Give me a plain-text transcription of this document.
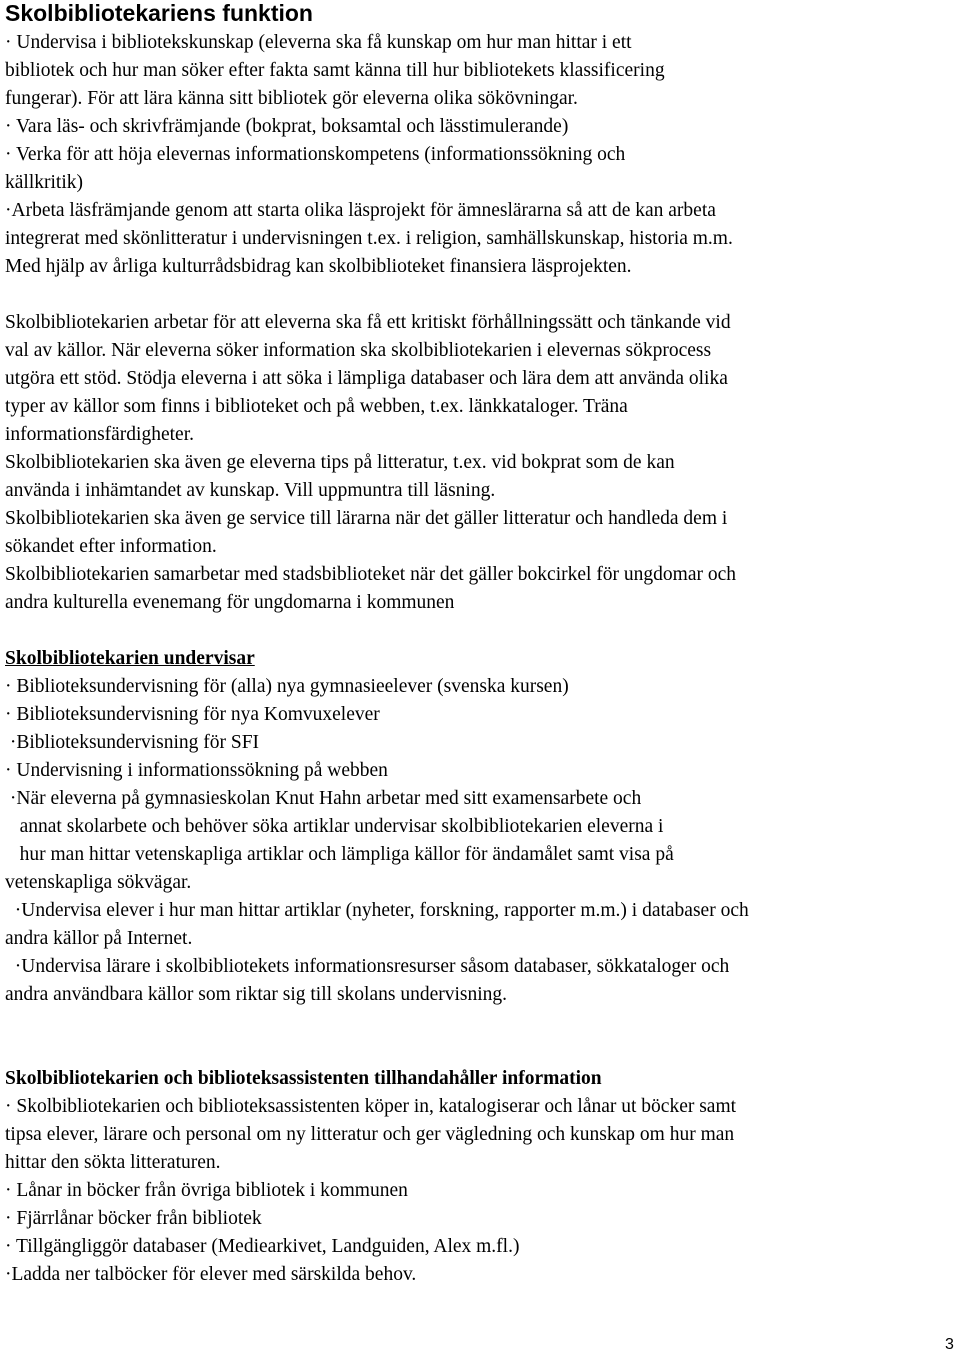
Skolbibliotekariens funktion
· Undervisa i bibliotekskunskap (eleverna ska få kunskap om hur man hittar i ett
bibliotek och hur man söker efter fakta samt känna till hur bibliotekets klassificering
fungerar). För att lära känna sitt bibliotek gör eleverna olika sökövningar.
· Vara läs- och skrivfrämjande (bokprat, boksamtal och lässtimulerande)
· Verka för att höja elevernas informationskompetens (informationssökning och
källkritik)
·Arbeta läsfrämjande genom att starta olika läsprojekt för ämneslärarna så att de kan arbeta
integrerat med skönlitteratur i undervisningen t.ex. i religion, samhällskunskap, historia m.m.
Med hjälp av årliga kulturrådsbidrag kan skolbiblioteket finansiera läsprojekten.
Skolbibliotekarien arbetar för att eleverna ska få ett kritiskt förhållningssätt och tänkande vid
val av källor. När eleverna söker information ska skolbibliotekarien i elevernas sökprocess
utgöra ett stöd. Stödja eleverna i att söka i lämpliga databaser och lära dem att använda olika
typer av källor som finns i biblioteket och på webben, t.ex. länkkataloger. Träna
informationsfärdigheter.
Skolbibliotekarien ska även ge eleverna tips på litteratur, t.ex. vid bokprat som de kan
använda i inhämtandet av kunskap. Vill uppmuntra till läsning.
Skolbibliotekarien ska även ge service till lärarna när det gäller litteratur och handleda dem i
sökandet efter information.
Skolbibliotekarien samarbetar med stadsbiblioteket när det gäller bokcirkel för ungdomar och
andra kulturella evenemang för ungdomarna i kommunen
Skolbibliotekarien undervisar
· Biblioteksundervisning för (alla) nya gymnasieelever (svenska kursen)
· Biblioteksundervisning för nya Komvuxelever
·Biblioteksundervisning för SFI
· Undervisning i informationssökning på webben
·När eleverna på gymnasieskolan Knut Hahn arbetar med sitt examensarbete och
annat skolarbete och behöver söka artiklar undervisar skolbibliotekarien eleverna i
hur man hittar vetenskapliga artiklar och lämpliga källor för ändamålet samt visa på
vetenskapliga sökvägar.
·Undervisa elever i hur man hittar artiklar (nyheter, forskning, rapporter m.m.) i databaser och
andra källor på Internet.
·Undervisa lärare i skolbibliotekets informationsresurser såsom databaser, sökkataloger och
andra användbara källor som riktar sig till skolans undervisning.
Skolbibliotekarien och biblioteksassistenten tillhandahåller information
· Skolbibliotekarien och biblioteksassistenten köper in, katalogiserar och lånar ut böcker samt
tipsa elever, lärare och personal om ny litteratur och ger vägledning och kunskap om hur man
hittar den sökta litteraturen.
· Lånar in böcker från övriga bibliotek i kommunen
· Fjärrlånar böcker från bibliotek
· Tillgängliggör databaser (Mediearkivet, Landguiden, Alex m.fl.)
·Ladda ner talböcker för elever med särskilda behov.
3
